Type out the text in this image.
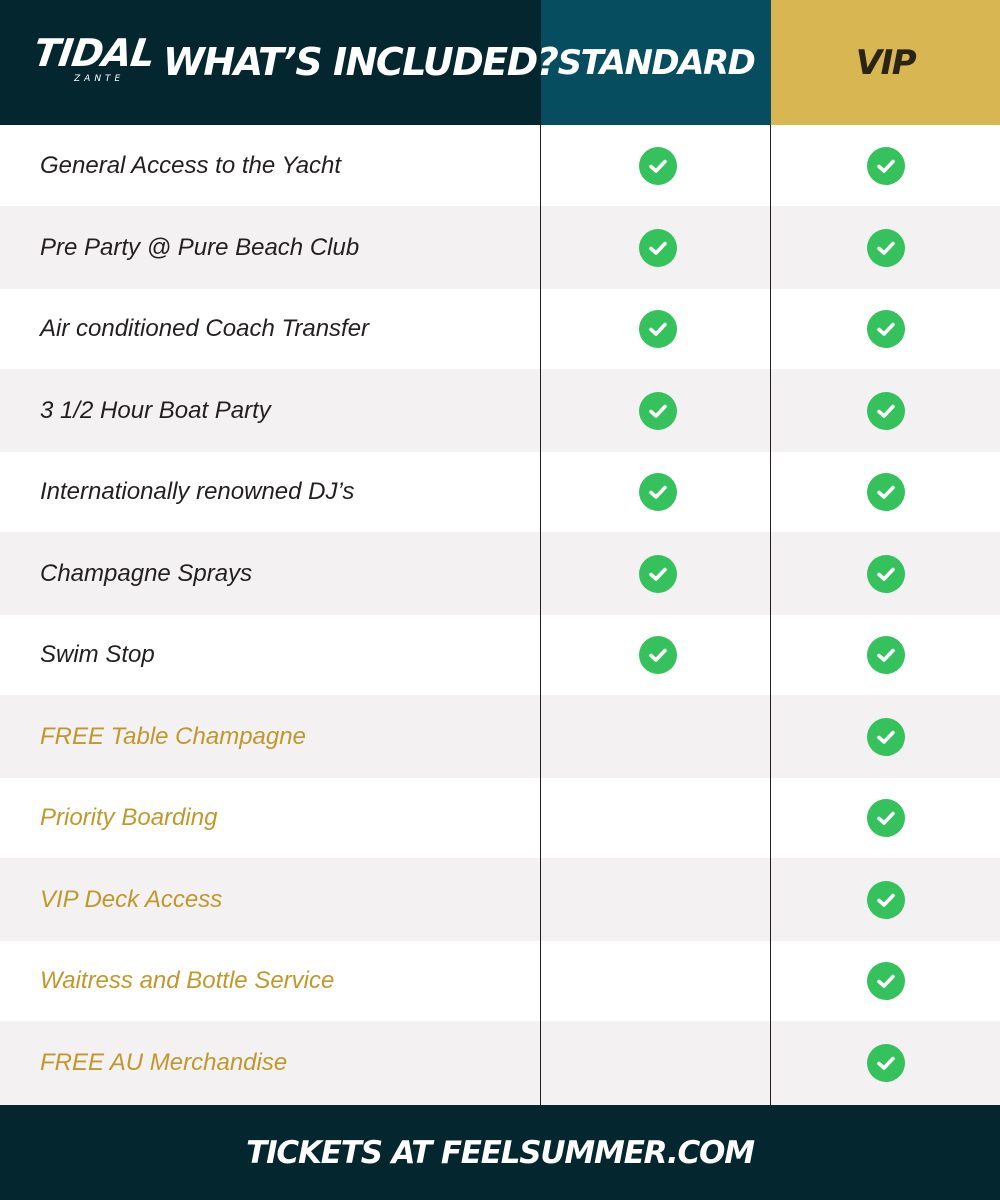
TIDAL
ZANTE WHAT’S INCLUDED? STANDARD	VIP
General Access to the Yacht
Pre Party @ Pure Beach Club
Air conditioned Coach Transfer
3 1/2 Hour Boat Party
Internationally renowned DJ’s
Champagne Sprays
Swim Stop
FREE Table Champagne
Priority Boarding
VIP Deck Access
Waitress and Bottle Service
FREE AU Merchandise
TICKETS AT FEELSUMMER.COM
